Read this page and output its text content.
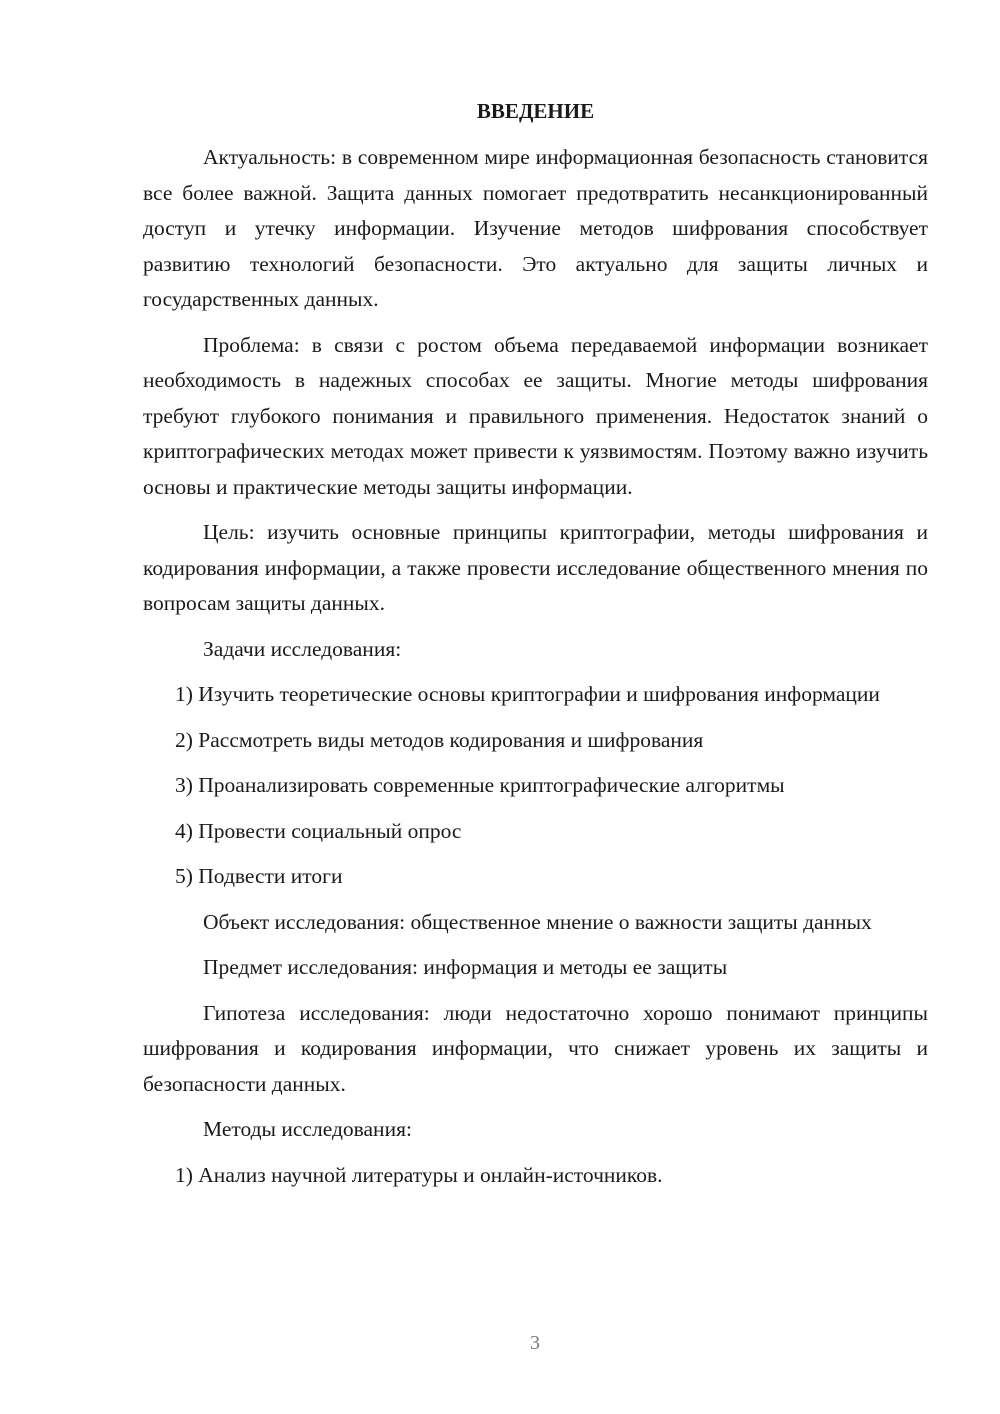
ВВЕДЕНИЕ

Актуальность: в современном мире информационная безопасность становится все более важной. Защита данных помогает предотвратить несанкционированный доступ и утечку информации. Изучение методов шифрования способствует развитию технологий безопасности. Это актуально для защиты личных и государственных данных.

Проблема: в связи с ростом объема передаваемой информации возникает необходимость в надежных способах ее защиты. Многие методы шифрования требуют глубокого понимания и правильного применения. Недостаток знаний о криптографических методах может привести к уязвимостям. Поэтому важно изучить основы и практические методы защиты информации.

Цель: изучить основные принципы криптографии, методы шифрования и кодирования информации, а также провести исследование общественного мнения по вопросам защиты данных.

Задачи исследования:

1) Изучить теоретические основы криптографии и шифрования информации

2) Рассмотреть виды методов кодирования и шифрования

3) Проанализировать современные криптографические алгоритмы

4) Провести социальный опрос

5) Подвести итоги

Объект исследования: общественное мнение о важности защиты данных

Предмет исследования: информация и методы ее защиты

Гипотеза исследования: люди недостаточно хорошо понимают принципы шифрования и кодирования информации, что снижает уровень их защиты и безопасности данных.

Методы исследования:

1) Анализ научной литературы и онлайн-источников.

3
